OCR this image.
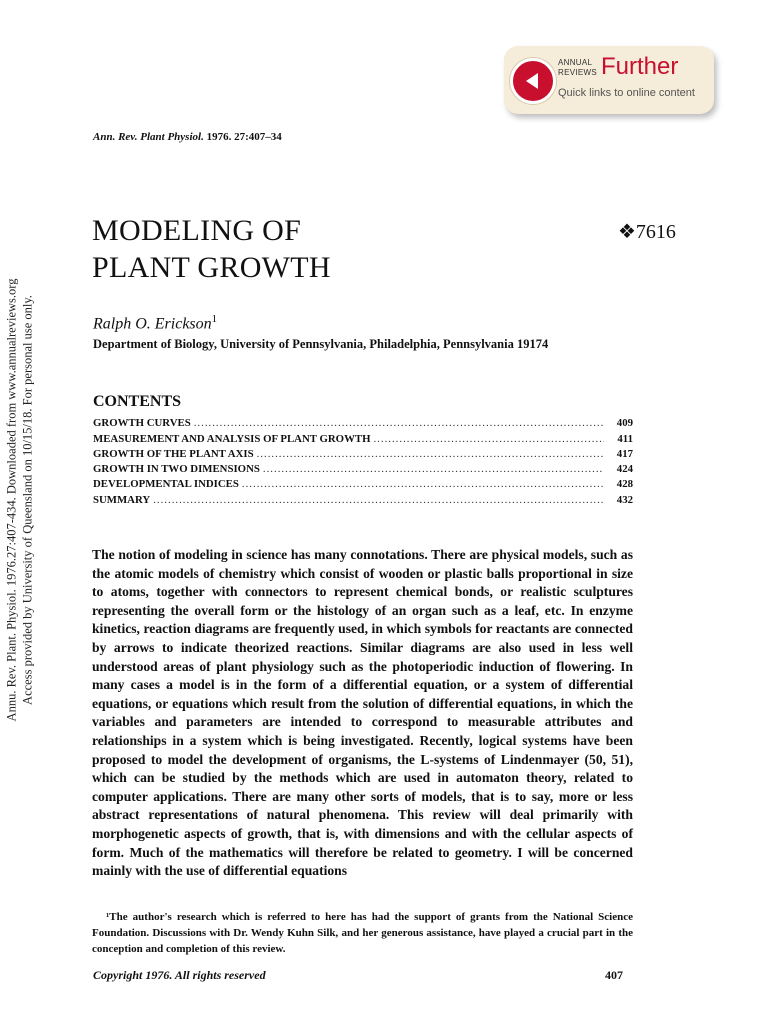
Annu. Rev. Plant. Physiol. 1976.27:407-434. Downloaded from www.annualreviews.org Access provided by University of Queensland on 10/15/18. For personal use only.
ANNUAL
REVIEWS Further
Quick links to online content
Ann. Rev. Plant Physiol. 1976. 27:407–34
MODELING OF
PLANT GROWTH
❖7616
Ralph O. Erickson$^1$
Department of Biology, University of Pennsylvania, Philadelphia, Pennsylvania 19174
CONTENTS
GROWTH CURVES .....	409
MEASUREMENT AND ANALYSIS OF PLANT GROWTH .....	411
GROWTH OF THE PLANT AXIS .....	417
GROWTH IN TWO DIMENSIONS .....	424
DEVELOPMENTAL INDICES .....	428
SUMMARY .....	432

The notion of modeling in science has many connotations. There are physical models, such as the atomic models of chemistry which consist of wooden or plastic balls proportional in size to atoms, together with connectors to represent chemical bonds, or realistic sculptures representing the overall form or the histology of an organ such as a leaf, etc. In enzyme kinetics, reaction diagrams are frequently used, in which symbols for reactants are connected by arrows to indicate theorized reactions. Similar diagrams are also used in less well understood areas of plant physiology such as the photoperiodic induction of flowering. In many cases a model is in the form of a differential equation, or a system of differential equations, or equations which result from the solution of differential equations, in which the variables and parameters are intended to correspond to measurable attributes and relationships in a system which is being investigated. Recently, logical systems have been proposed to model the development of organisms, the L-systems of Lindenmayer (50, 51), which can be studied by the methods which are used in automaton theory, related to computer applications. There are many other sorts of models, that is to say, more or less abstract representations of natural phenomena. This review will deal primarily with morphogenetic aspects of growth, that is, with dimensions and with the cellular aspects of form. Much of the mathematics will therefore be related to geometry. I will be concerned mainly with the use of differential equations

¹The author's research which is referred to here has had the support of grants from the National Science Foundation. Discussions with Dr. Wendy Kuhn Silk, and her generous assistance, have played a crucial part in the conception and completion of this review.

Copyright 1976. All rights reserved	407
